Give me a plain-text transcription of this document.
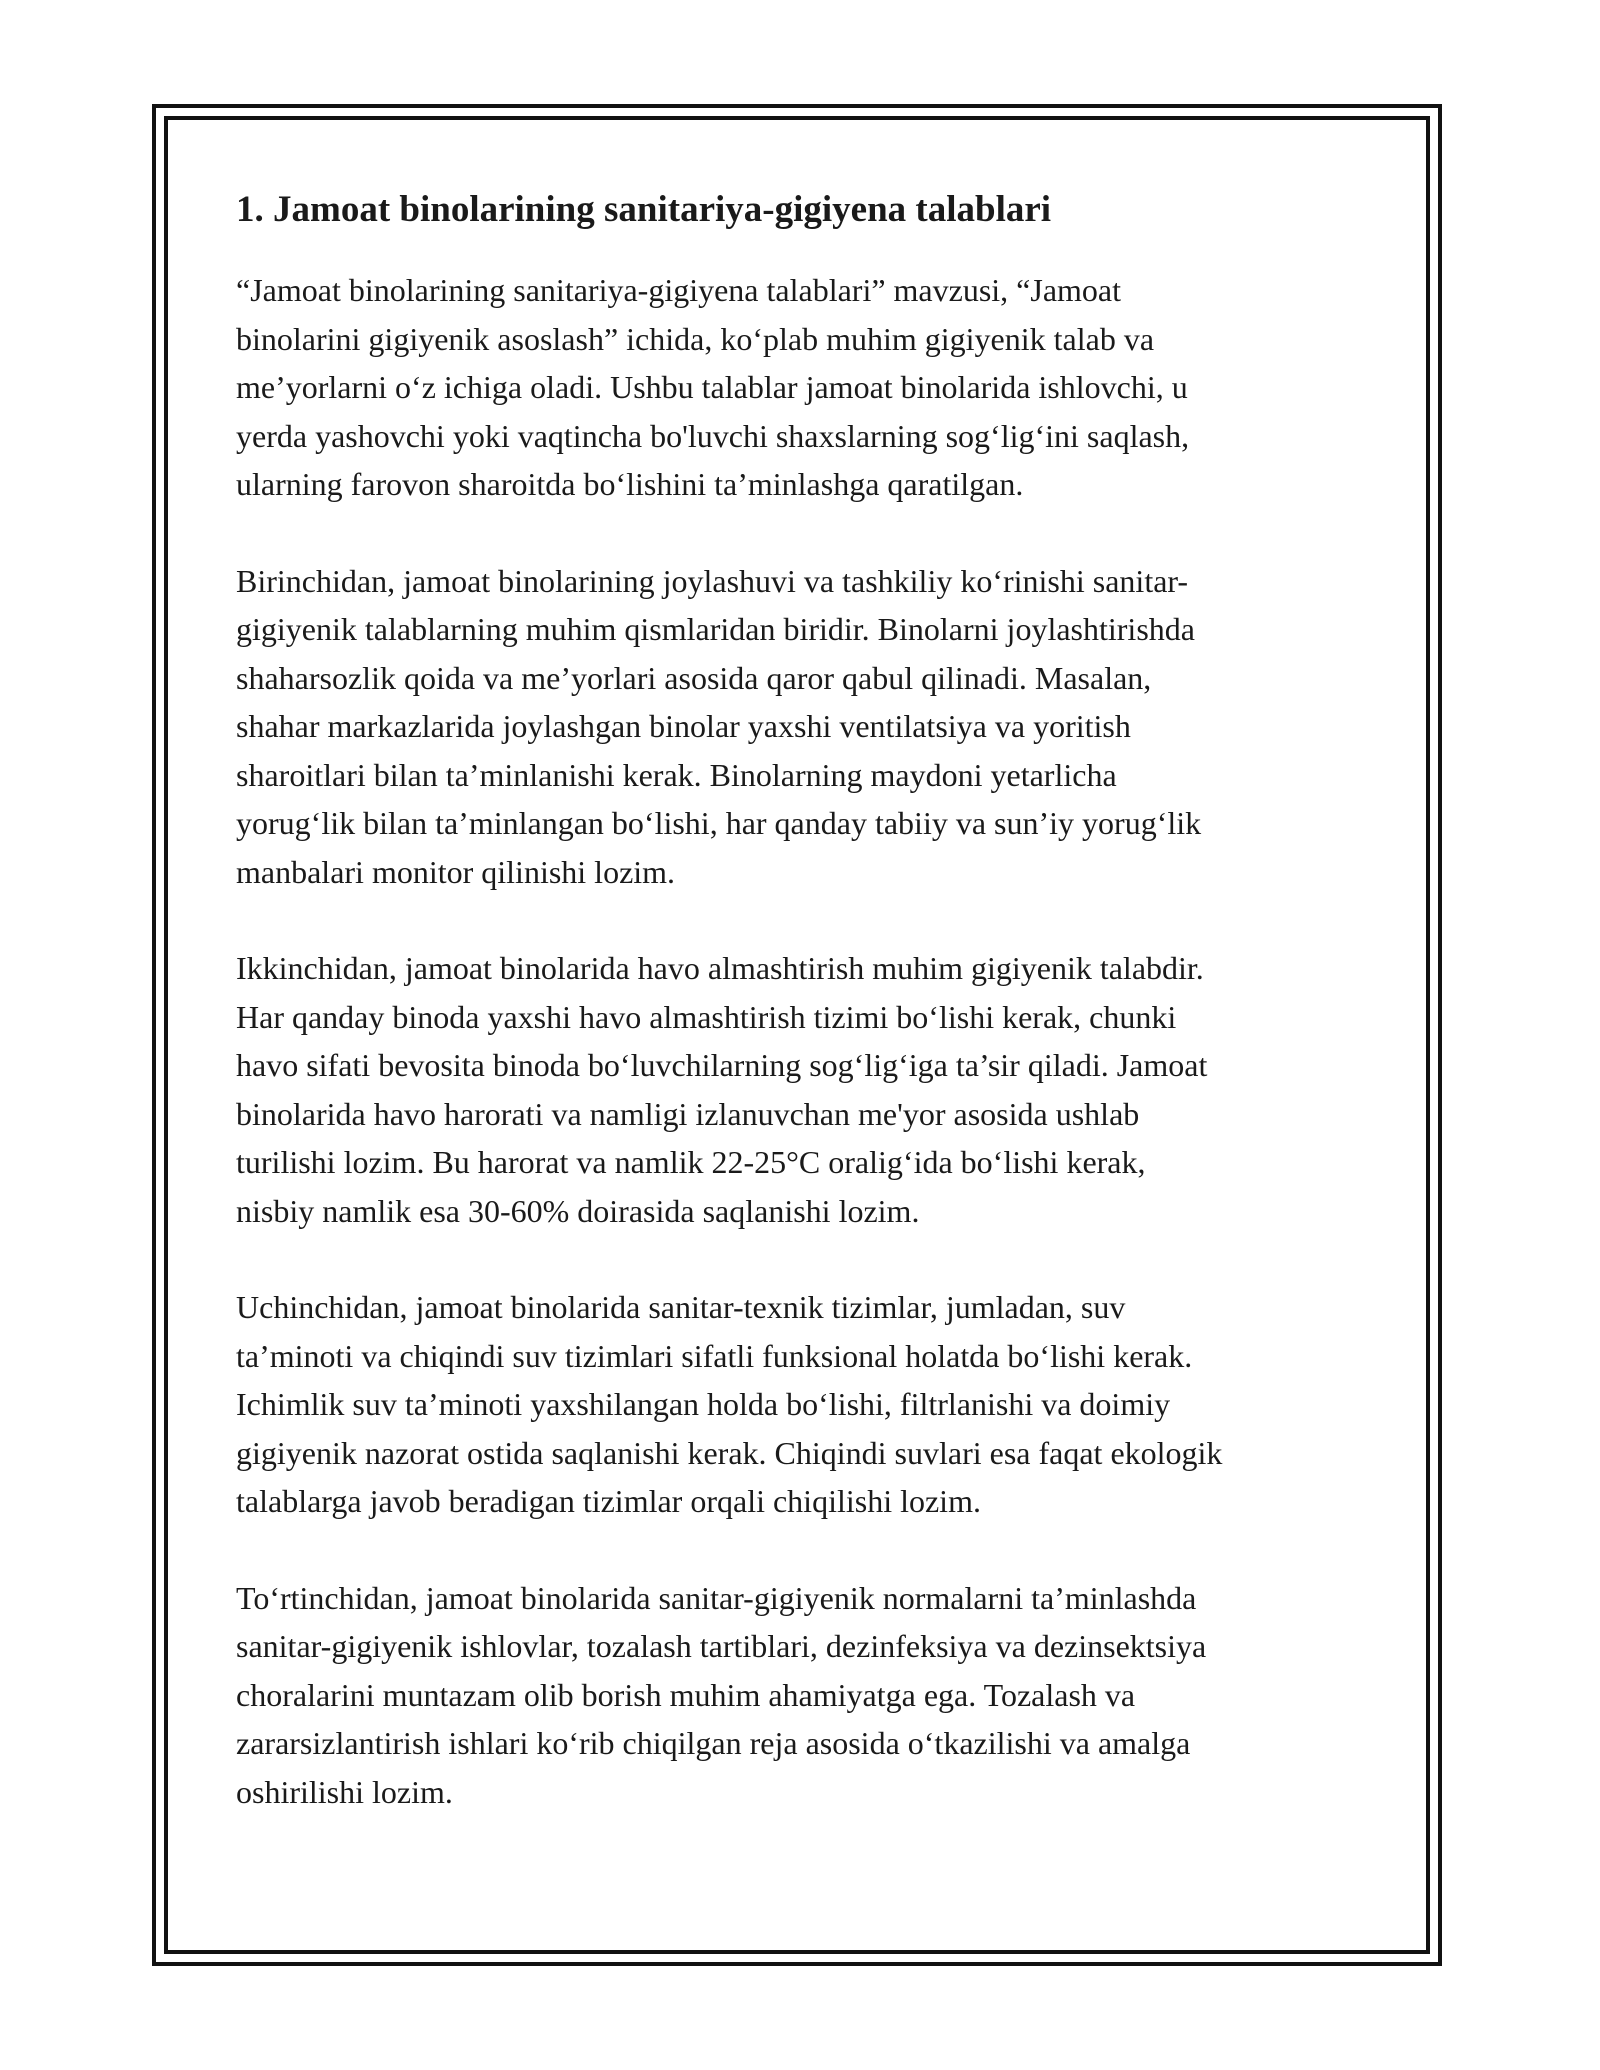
1. Jamoat binolarining sanitariya-gigiyena talablari

“Jamoat binolarining sanitariya-gigiyena talablari” mavzusi, “Jamoat
binolarini gigiyenik asoslash” ichida, ko‘plab muhim gigiyenik talab va
me’yorlarni o‘z ichiga oladi. Ushbu talablar jamoat binolarida ishlovchi, u
yerda yashovchi yoki vaqtincha bo'luvchi shaxslarning sog‘lig‘ini saqlash,
ularning farovon sharoitda bo‘lishini ta’minlashga qaratilgan.

Birinchidan, jamoat binolarining joylashuvi va tashkiliy ko‘rinishi sanitar-
gigiyenik talablarning muhim qismlaridan biridir. Binolarni joylashtirishda
shaharsozlik qoida va me’yorlari asosida qaror qabul qilinadi. Masalan,
shahar markazlarida joylashgan binolar yaxshi ventilatsiya va yoritish
sharoitlari bilan ta’minlanishi kerak. Binolarning maydoni yetarlicha
yorug‘lik bilan ta’minlangan bo‘lishi, har qanday tabiiy va sun’iy yorug‘lik
manbalari monitor qilinishi lozim.

Ikkinchidan, jamoat binolarida havo almashtirish muhim gigiyenik talabdir.
Har qanday binoda yaxshi havo almashtirish tizimi bo‘lishi kerak, chunki
havo sifati bevosita binoda bo‘luvchilarning sog‘lig‘iga ta’sir qiladi. Jamoat
binolarida havo harorati va namligi izlanuvchan me'yor asosida ushlab
turilishi lozim. Bu harorat va namlik 22-25°C oralig‘ida bo‘lishi kerak,
nisbiy namlik esa 30-60% doirasida saqlanishi lozim.

Uchinchidan, jamoat binolarida sanitar-texnik tizimlar, jumladan, suv
ta’minoti va chiqindi suv tizimlari sifatli funksional holatda bo‘lishi kerak.
Ichimlik suv ta’minoti yaxshilangan holda bo‘lishi, filtrlanishi va doimiy
gigiyenik nazorat ostida saqlanishi kerak. Chiqindi suvlari esa faqat ekologik
talablarga javob beradigan tizimlar orqali chiqilishi lozim.

To‘rtinchidan, jamoat binolarida sanitar-gigiyenik normalarni ta’minlashda
sanitar-gigiyenik ishlovlar, tozalash tartiblari, dezinfeksiya va dezinsektsiya
choralarini muntazam olib borish muhim ahamiyatga ega. Tozalash va
zararsizlantirish ishlari ko‘rib chiqilgan reja asosida o‘tkazilishi va amalga
oshirilishi lozim.
